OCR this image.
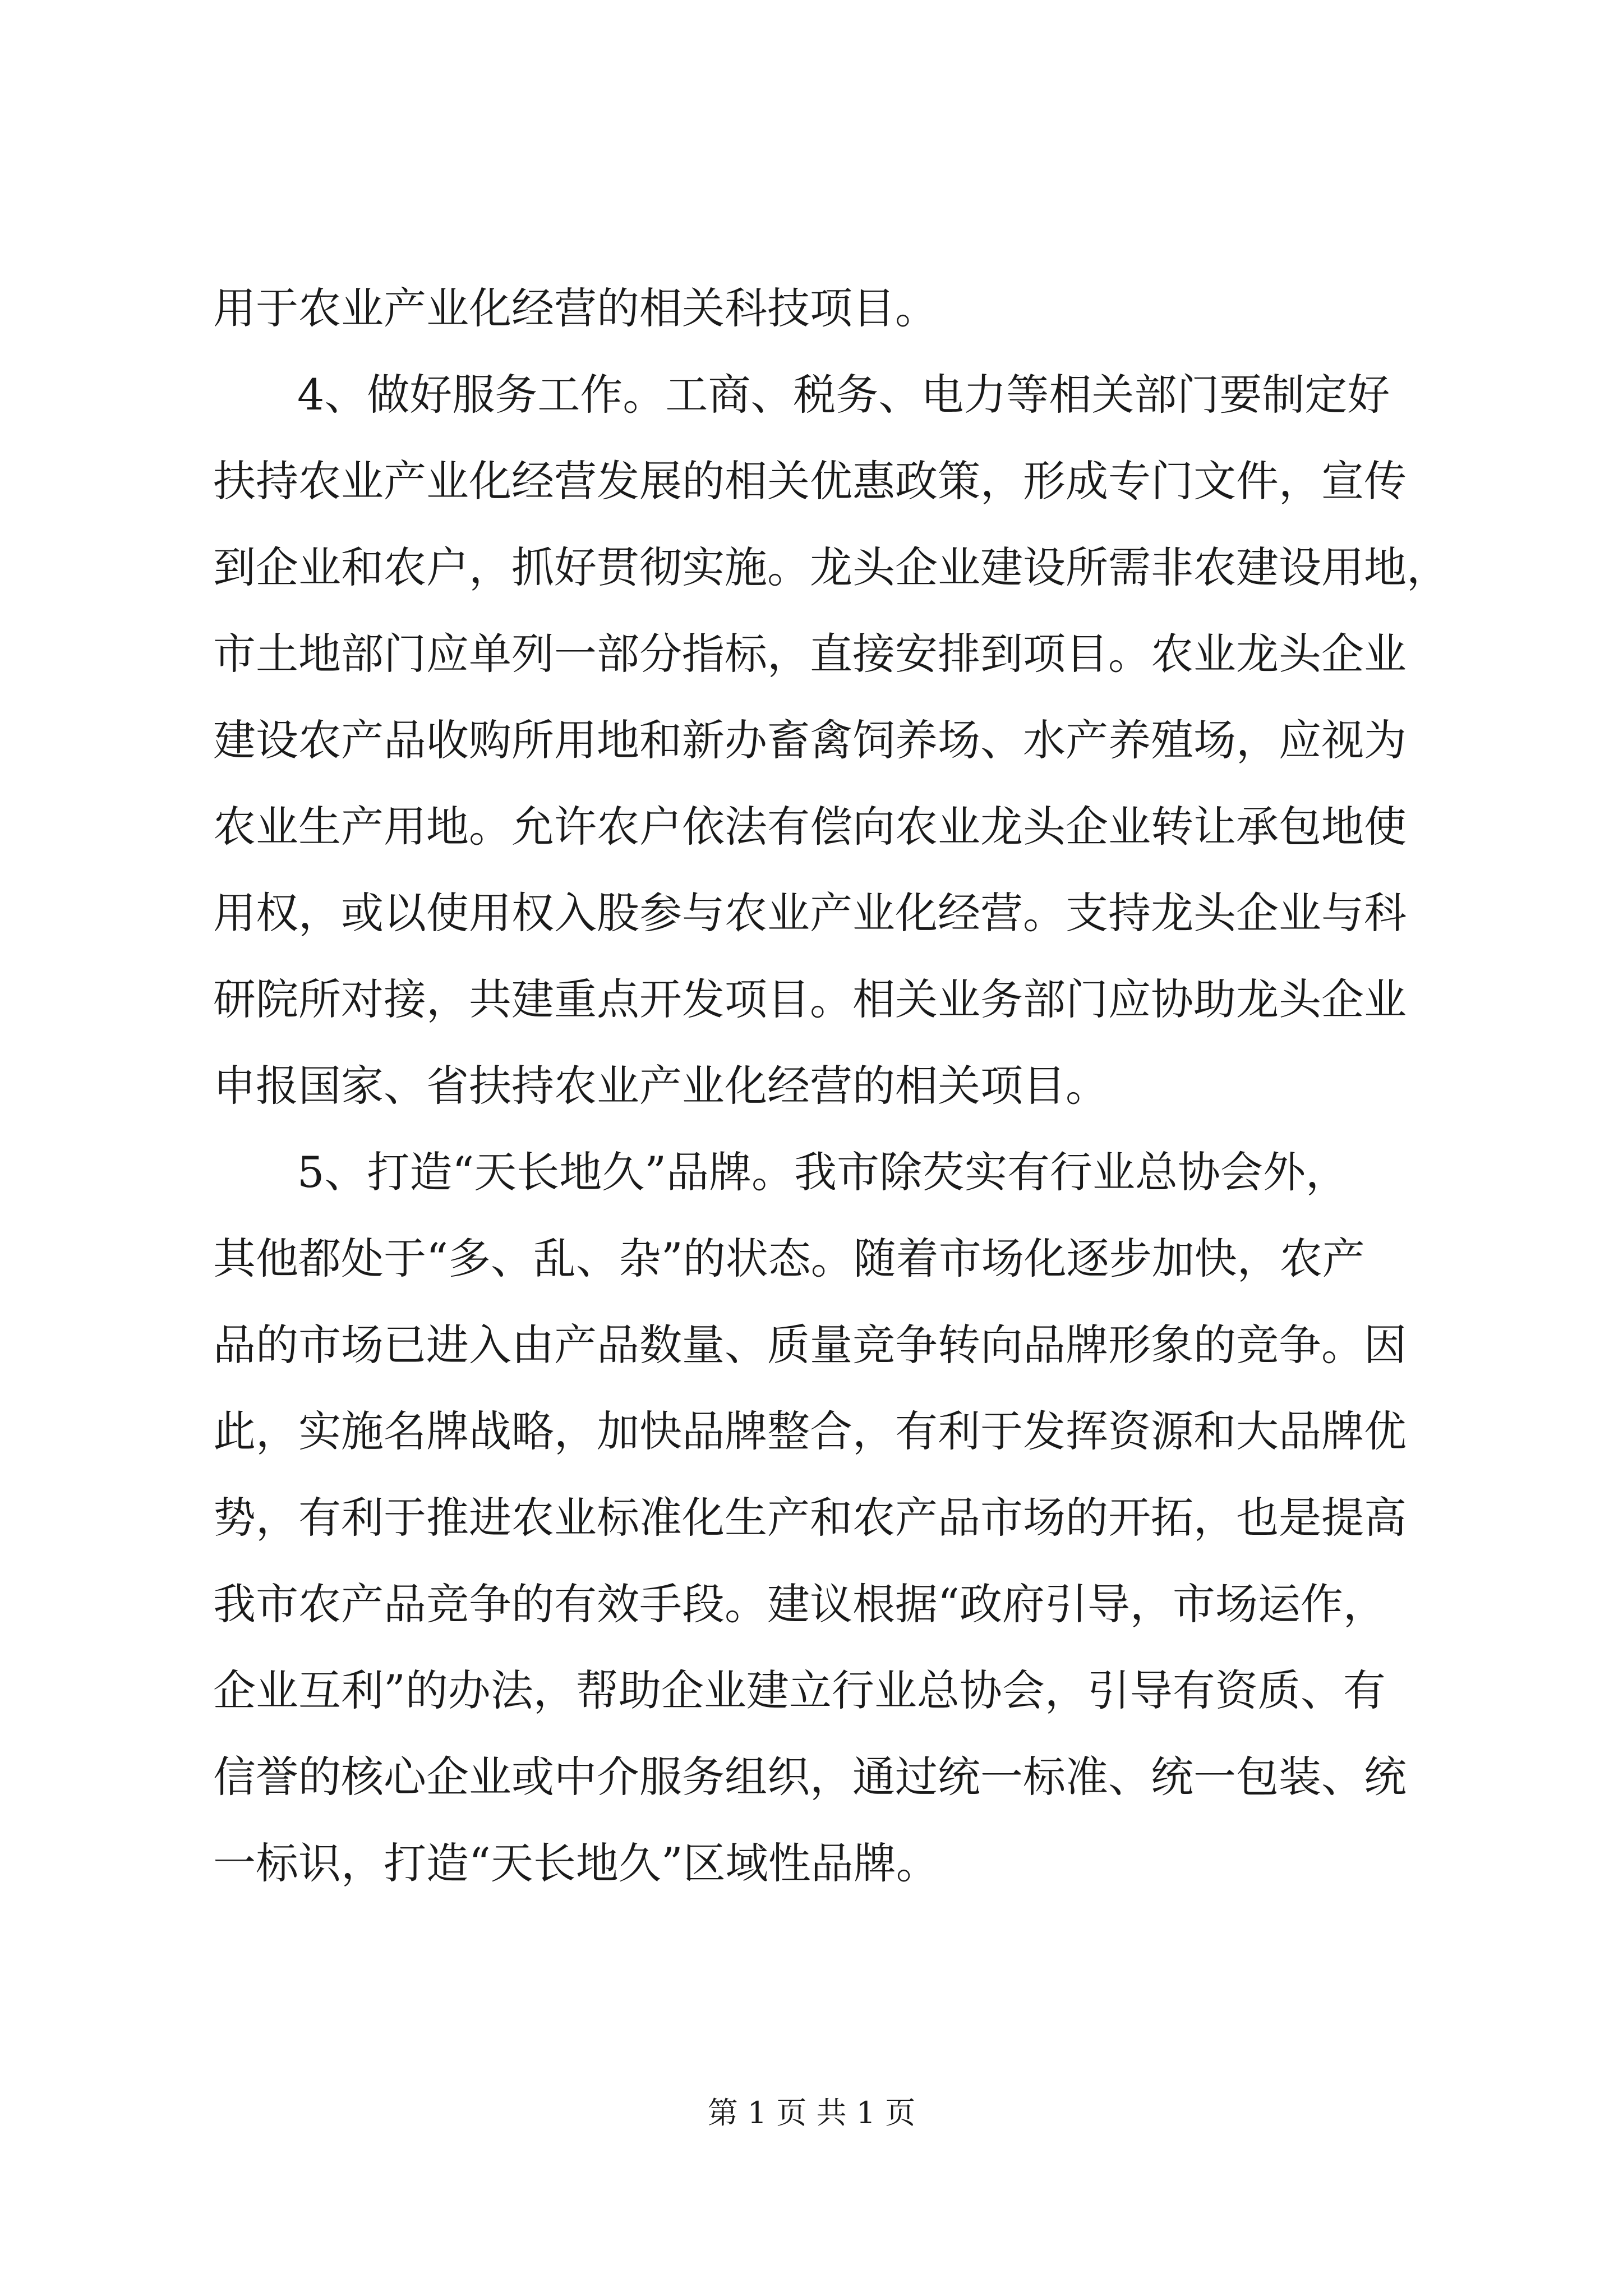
用于农业产业化经营的相关科技项目。

4、做好服务工作。工商、税务、电力等相关部门要制定好

扶持农业产业化经营发展的相关优惠政策，形成专门文件，宣传

到企业和农户，抓好贯彻实施。龙头企业建设所需非农建设用地，

市土地部门应单列一部分指标，直接安排到项目。农业龙头企业

建设农产品收购所用地和新办畜禽饲养场、水产养殖场，应视为

农业生产用地。允许农户依法有偿向农业龙头企业转让承包地使

用权，或以使用权入股参与农业产业化经营。支持龙头企业与科

研院所对接，共建重点开发项目。相关业务部门应协助龙头企业

申报国家、省扶持农业产业化经营的相关项目。

5、打造“天长地久”品牌。我市除芡实有行业总协会外，

其他都处于“多、乱、杂”的状态。随着市场化逐步加快，农产

品的市场已进入由产品数量、质量竞争转向品牌形象的竞争。因

此，实施名牌战略，加快品牌整合，有利于发挥资源和大品牌优

势，有利于推进农业标准化生产和农产品市场的开拓，也是提高

我市农产品竞争的有效手段。建议根据“政府引导，市场运作，

企业互利”的办法，帮助企业建立行业总协会，引导有资质、有

信誉的核心企业或中介服务组织，通过统一标准、统一包装、统

一标识，打造“天长地久”区域性品牌。

第 1 页 共 1 页
